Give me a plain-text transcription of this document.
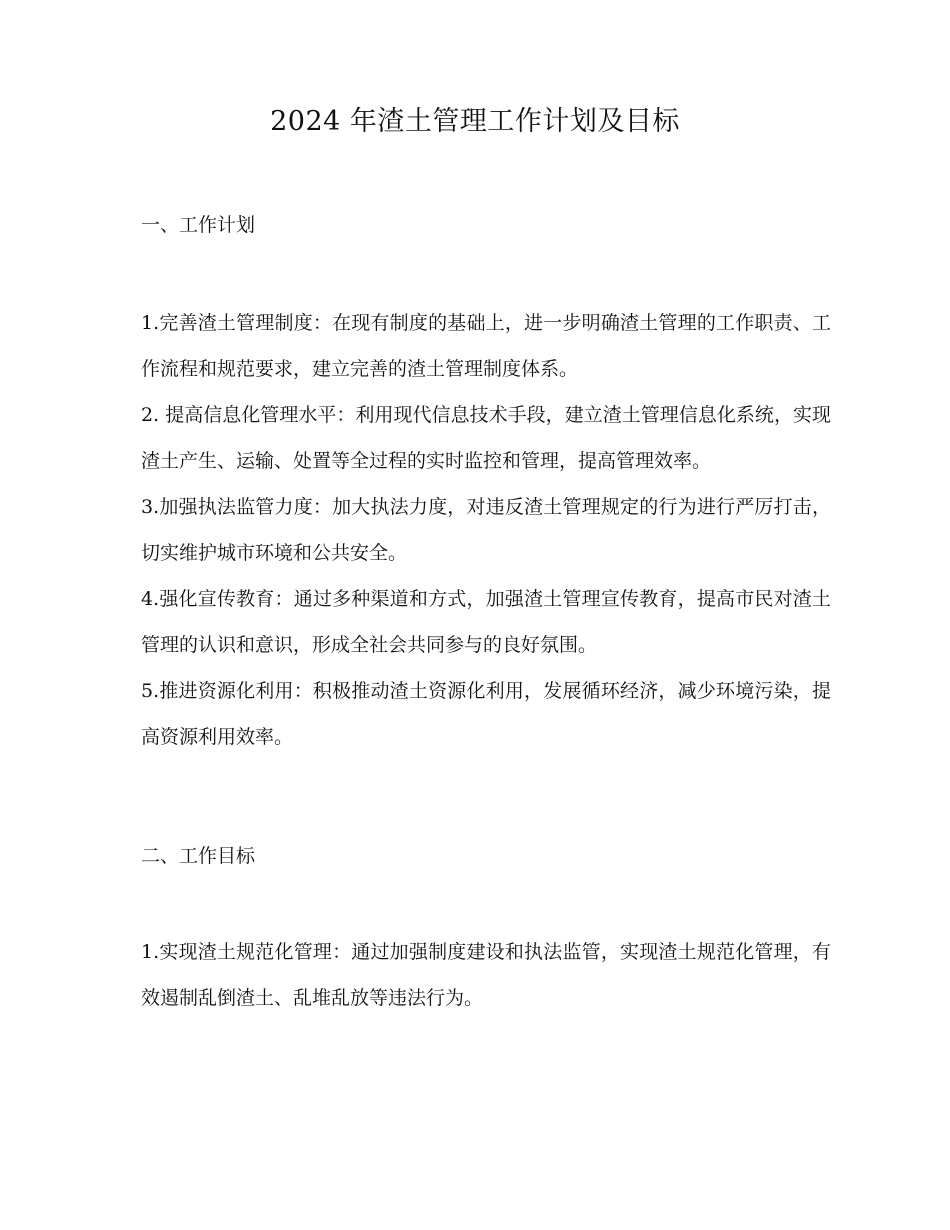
2024 年渣土管理工作计划及目标
一、工作计划

1.完善渣土管理制度：在现有制度的基础上，进一步明确渣土管理的工作职责、工作流程和规范要求，建立完善的渣土管理制度体系。

2. 提高信息化管理水平：利用现代信息技术手段，建立渣土管理信息化系统，实现渣土产生、运输、处置等全过程的实时监控和管理，提高管理效率。

3.加强执法监管力度：加大执法力度，对违反渣土管理规定的行为进行严厉打击，切实维护城市环境和公共安全。

4.强化宣传教育：通过多种渠道和方式，加强渣土管理宣传教育，提高市民对渣土管理的认识和意识，形成全社会共同参与的良好氛围。

5.推进资源化利用：积极推动渣土资源化利用，发展循环经济，减少环境污染，提高资源利用效率。

二、工作目标

1.实现渣土规范化管理：通过加强制度建设和执法监管，实现渣土规范化管理，有效遏制乱倒渣土、乱堆乱放等违法行为。
